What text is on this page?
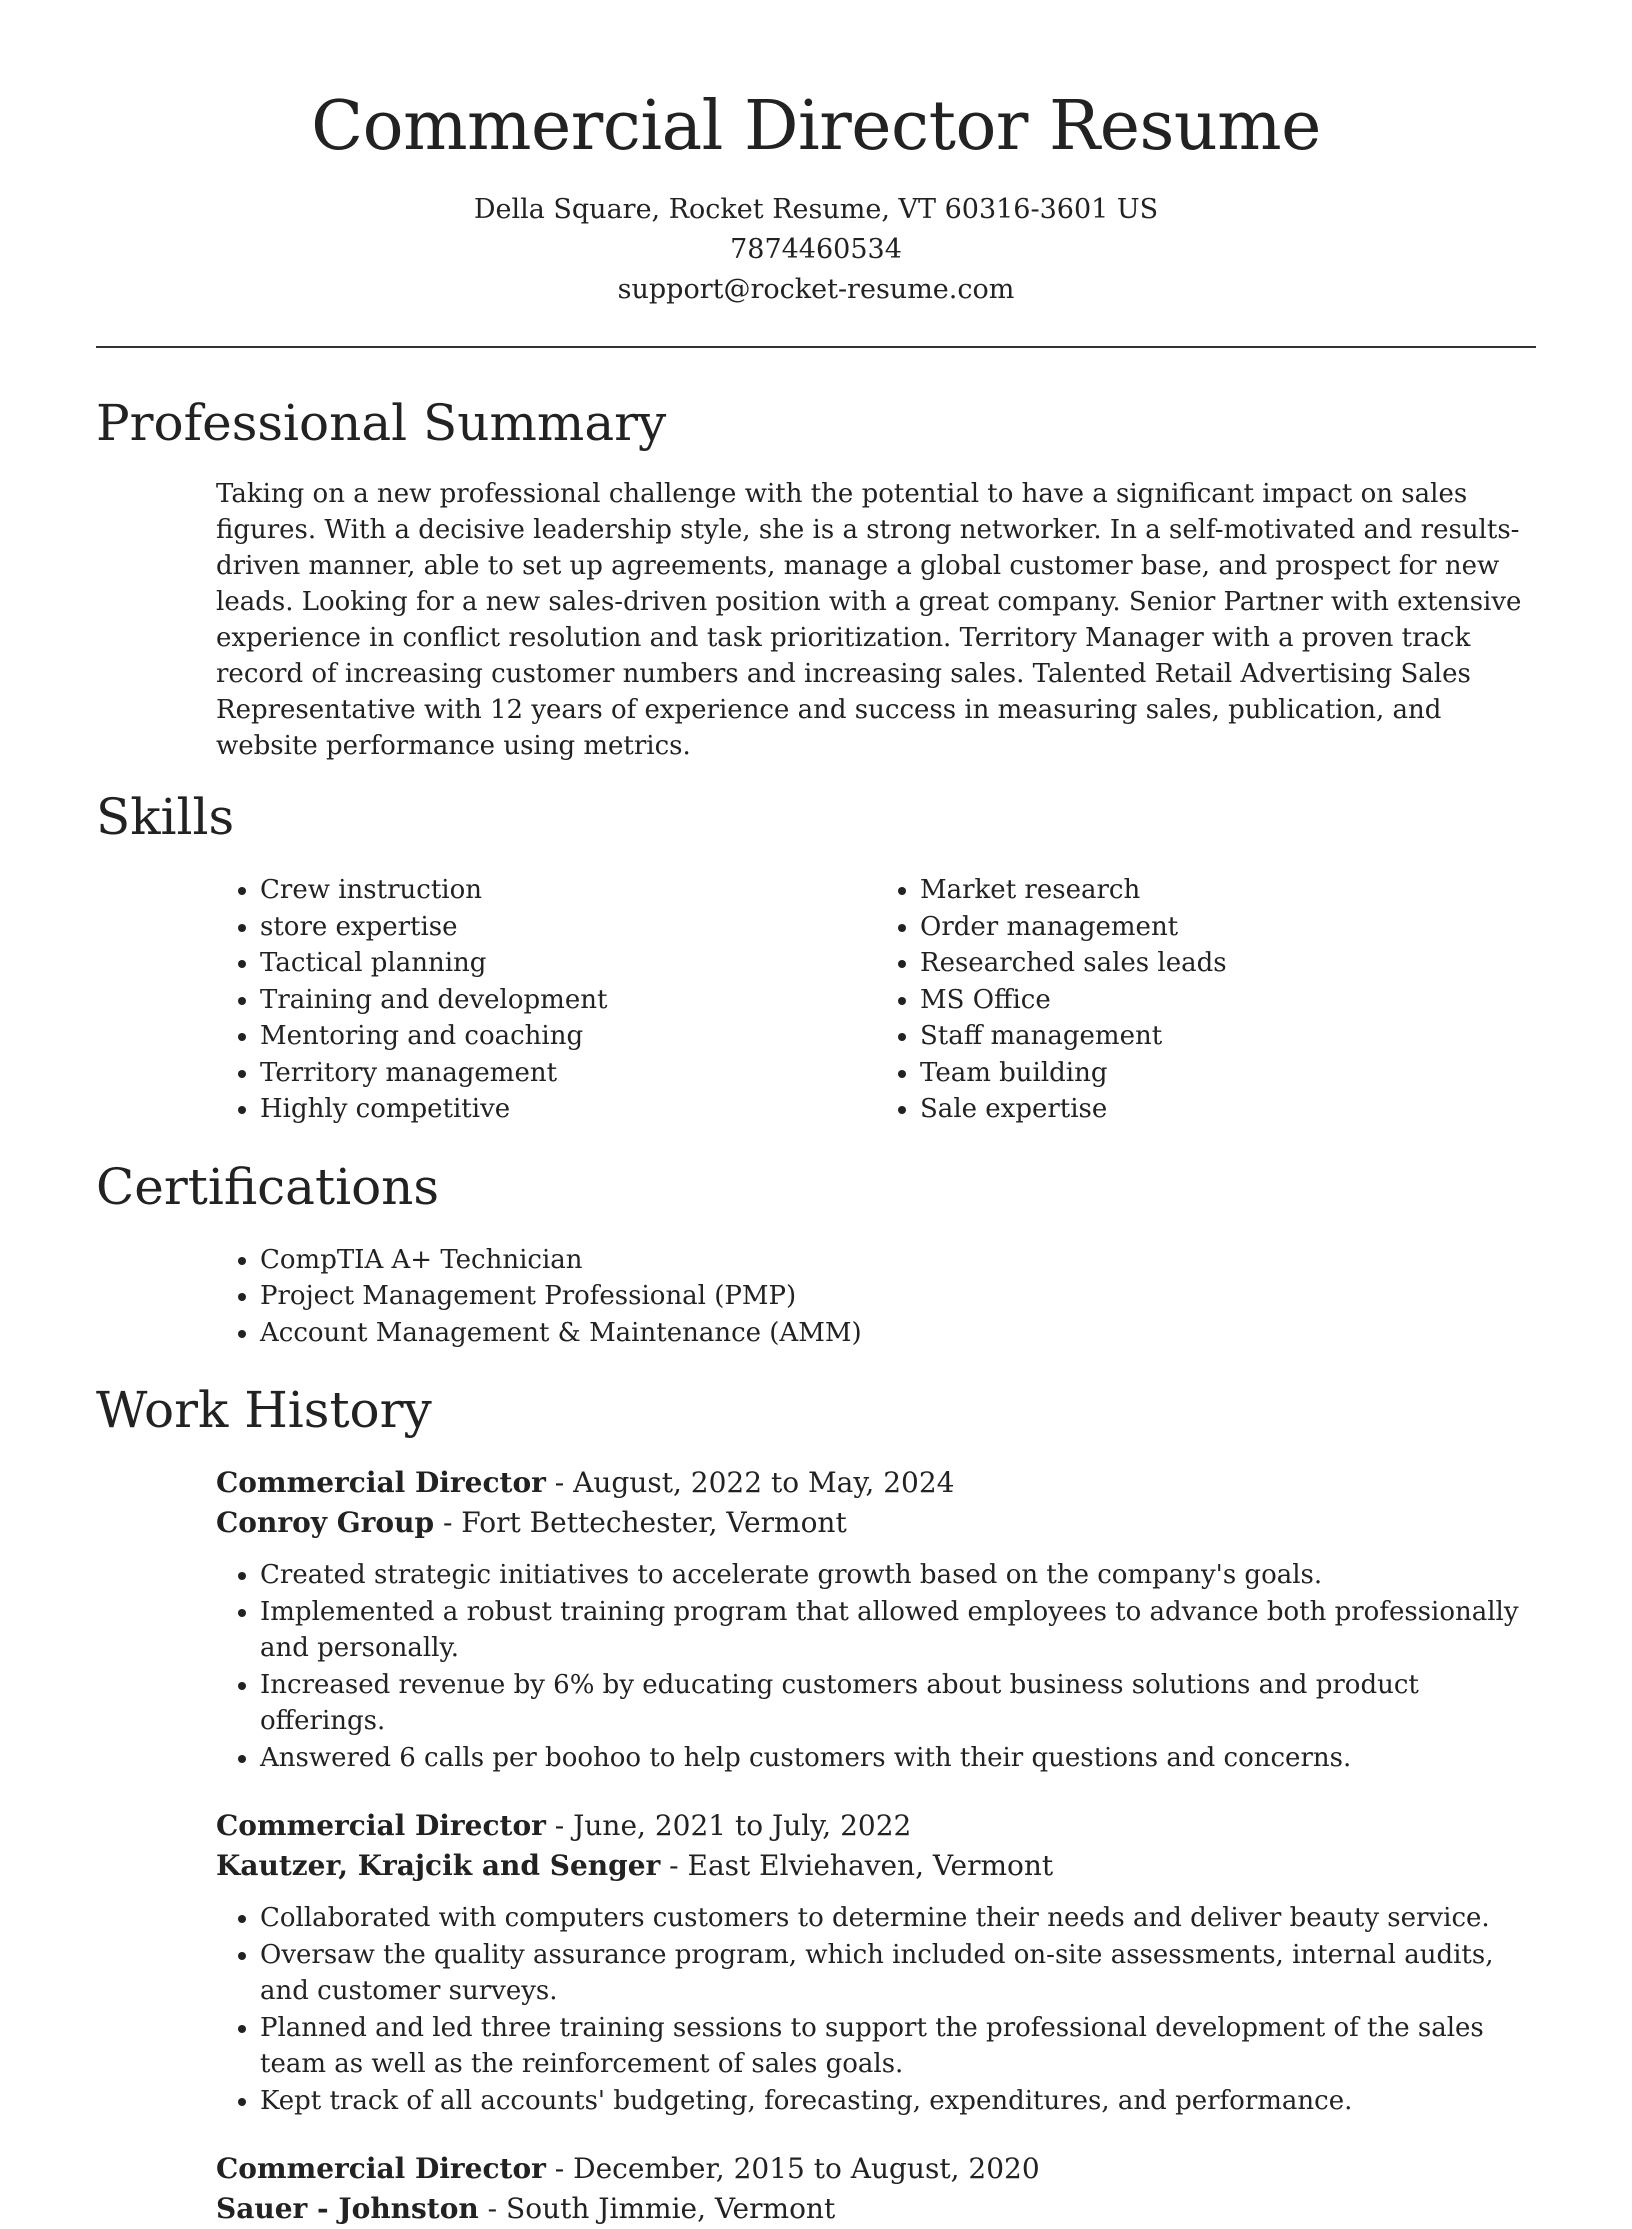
Commercial Director Resume
Della Square, Rocket Resume, VT 60316-3601 US
7874460534
support@rocket-resume.com
Professional Summary

Taking on a new professional challenge with the potential to have a significant impact on sales figures. With a decisive leadership style, she is a strong networker. In a self-motivated and results-driven manner, able to set up agreements, manage a global customer base, and prospect for new leads. Looking for a new sales-driven position with a great company. Senior Partner with extensive experience in conflict resolution and task prioritization. Territory Manager with a proven track record of increasing customer numbers and increasing sales. Talented Retail Advertising Sales Representative with 12 years of experience and success in measuring sales, publication, and website performance using metrics.

Skills
• Crew instruction
• store expertise
• Tactical planning
• Training and development
• Mentoring and coaching
• Territory management
• Highly competitive
• Market research
• Order management
• Researched sales leads
• MS Office
• Staff management
• Team building
• Sale expertise
Certifications
• CompTIA A+ Technician
• Project Management Professional (PMP)
• Account Management & Maintenance (AMM)
Work History
Commercial Director - August, 2022 to May, 2024
Conroy Group - Fort Bettechester, Vermont
• Created strategic initiatives to accelerate growth based on the company's goals.
• Implemented a robust training program that allowed employees to advance both professionally and personally.
• Increased revenue by 6% by educating customers about business solutions and product offerings.
• Answered 6 calls per boohoo to help customers with their questions and concerns.
Commercial Director - June, 2021 to July, 2022
Kautzer, Krajcik and Senger - East Elviehaven, Vermont
• Collaborated with computers customers to determine their needs and deliver beauty service.
• Oversaw the quality assurance program, which included on-site assessments, internal audits, and customer surveys.
• Planned and led three training sessions to support the professional development of the sales team as well as the reinforcement of sales goals.
• Kept track of all accounts' budgeting, forecasting, expenditures, and performance.
Commercial Director - December, 2015 to August, 2020
Sauer - Johnston - South Jimmie, Vermont
